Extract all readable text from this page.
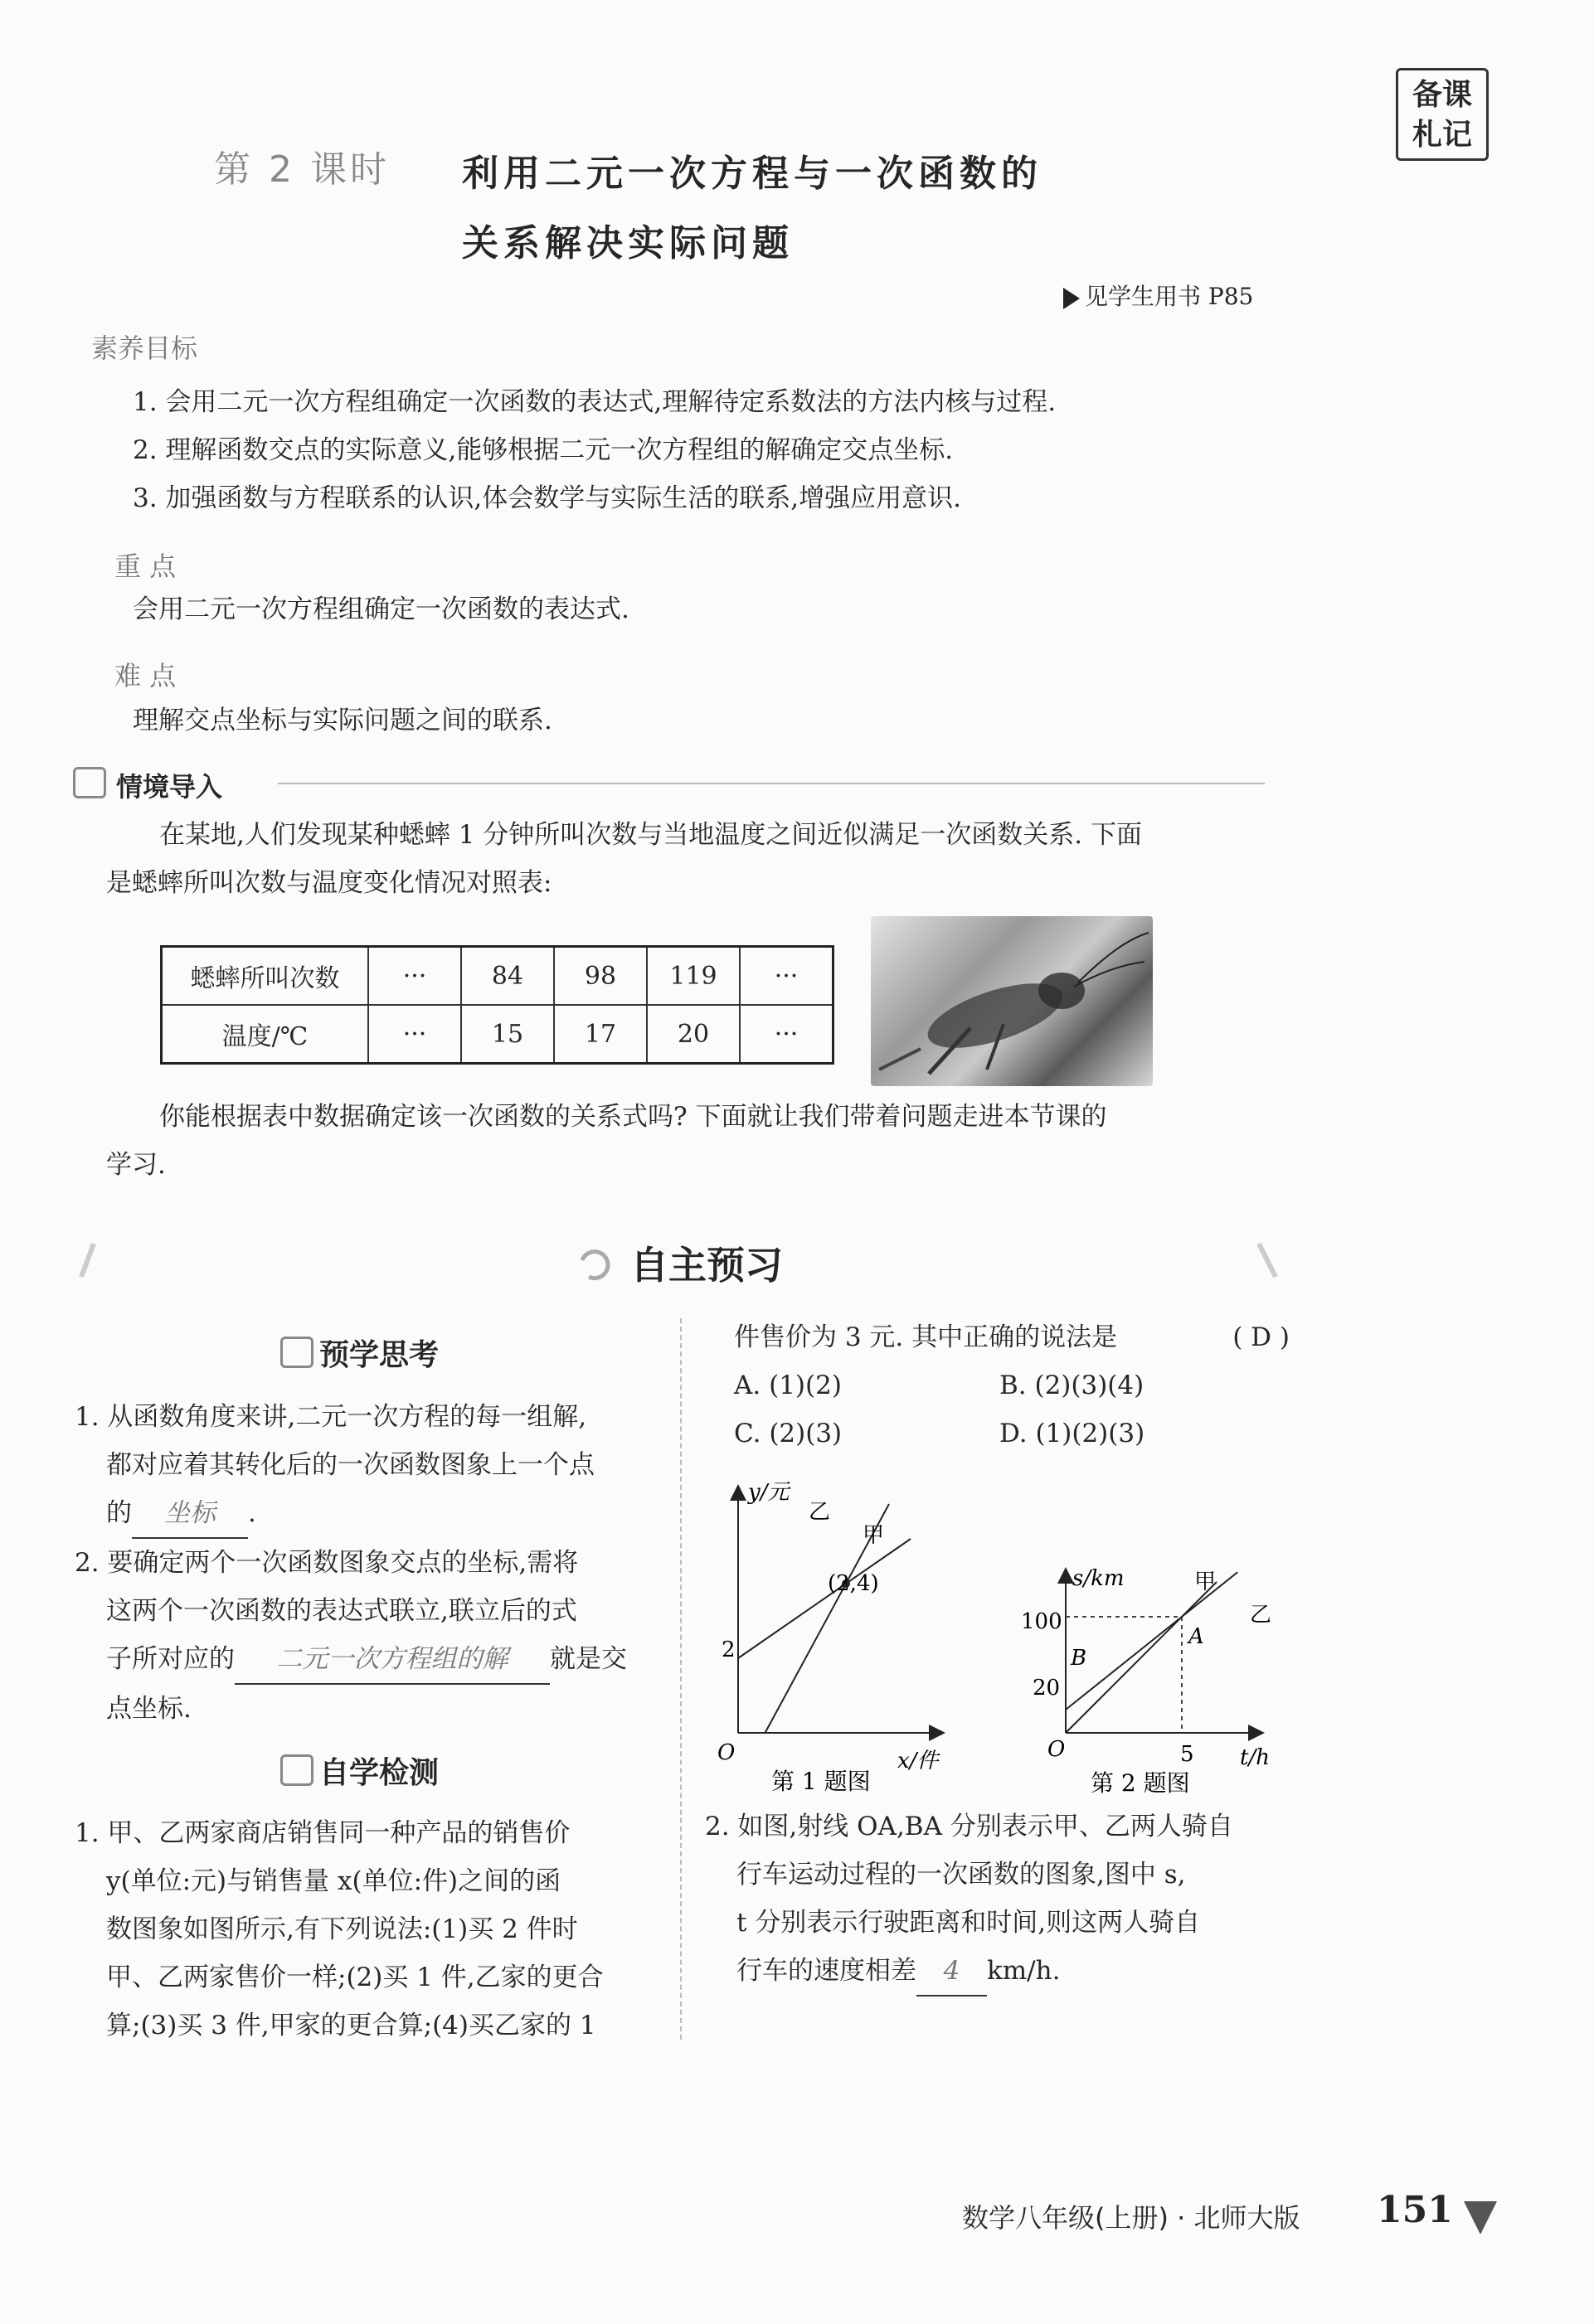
备课
札记
第 2 课时 利用二元一次方程与一次函数的
关系解决实际问题
见学生用书 P85
素养目标

1. 会用二元一次方程组确定一次函数的表达式,理解待定系数法的方法内核与过程.

2. 理解函数交点的实际意义,能够根据二元一次方程组的解确定交点坐标.

3. 加强函数与方程联系的认识,体会数学与实际生活的联系,增强应用意识.

重 点
会用二元一次方程组确定一次函数的表达式.
难 点
理解交点坐标与实际问题之间的联系.
情境导入
在某地,人们发现某种蟋蟀 1 分钟所叫次数与当地温度之间近似满足一次函数关系. 下面
是蟋蟀所叫次数与温度变化情况对照表:
蟋蟀所叫次数	···	84	98	119	···
温度/℃	···	15	17	20	···
你能根据表中数据确定该一次函数的关系式吗? 下面就让我们带着问题走进本节课的
学习.
自主预习
预学思考
1. 从函数角度来讲,二元一次方程的每一组解,
都对应着其转化后的一次函数图象上一个点
的 坐标 .
2. 要确定两个一次函数图象交点的坐标,需将
这两个一次函数的表达式联立,联立后的式
子所对应的 二元一次方程组的解 就是交
点坐标.
自学检测
1. 甲、乙两家商店销售同一种产品的销售价
y(单位:元)与销售量 x(单位:件)之间的函
数图象如图所示,有下列说法:(1)买 2 件时
甲、乙两家售价一样;(2)买 1 件,乙家的更合
算;(3)买 3 件,甲家的更合算;(4)买乙家的 1
件售价为 3 元. 其中正确的说法是	( D )
A. (1)(2)	B. (2)(3)(4)
C. (2)(3)	D. (1)(2)(3)
y/元
x/件
O
2
(2,4)
甲
乙
第 1 题图
s/km
t/h
O
100
20
5
A
B
甲
乙
第 2 题图
2. 如图,射线 OA,BA 分别表示甲、乙两人骑自
行车运动过程的一次函数的图象,图中 s,
t 分别表示行驶距离和时间,则这两人骑自
行车的速度相差 4 km/h.
数学八年级(上册) · 北师大版 151
